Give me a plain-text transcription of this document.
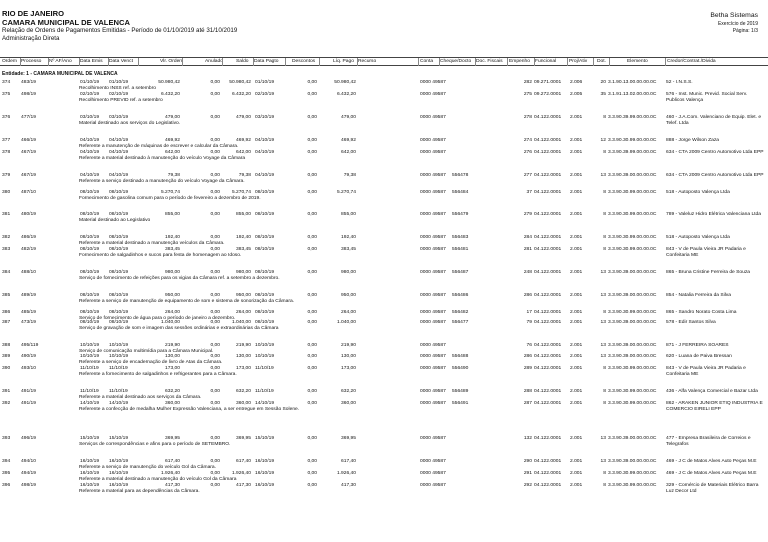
RIO DE JANEIRO
CAMARA MUNICIPAL DE VALENCA
Relação de Ordens de Pagamentos Emitidas - Período de 01/10/2019 até 31/10/2019
Administração Direta
Betha Sistemas
Exercício de 2019
Página: 1/3
Ordem Processo Nº AF/Ano Data Emis Data Venct	Vlr. Ordem	Anulado	Saldo Data Pagto	Descontos	Líq. Pago Recurso	Conta Cheque/Docto Doc. Fiscais Empenho Funcional	Proj/Ativ Dot.	Elemento	Credor/Contrat./Divida
Entidade: 1 - CAMARA MUNICIPAL DE VALENCA
374	483/19	01/10/19	01/10/19	50.980,42	0,00	50.980,42 01/10/19	0,00	50.980,42	0000 49587	282 09.271.0001	2.006	20 3.1.90.13.00.00.00.0C	52 - I.N.S.S.
Recolhimento INSS ref. a setembro
375	498/19	02/10/19	02/10/19	6.432,20	0,00	6.432,20 02/10/19	0,00	6.432,20	0000 49587	275 09.272.0001	2.005	35 3.1.91.13.02.00.00.0C	576 - Inst. Munic. Previd. Social Serv. Publicos Valença
Recolhimento PREVID ref. a setembro
376	477/19	03/10/19	03/10/19	479,00	0,00	479,00 03/10/19	0,00	479,00	0000 49587	278 04.122.0001	2.001	8 3.3.90.39.99.00.00.0C	460 - J.A.Com. Valenciano de Equip. Elet. e Telef. Ltda
Material destinado aos serviços do Legislativo.
377	466/19	04/10/19	04/10/19	469,92	0,00	469,92 04/10/19	0,00	469,92	0000 49587	274 04.122.0001	2.001	12 3.3.90.30.99.00.00.0C	888 - Jorge Wilson Zaza
Referente a manutenção de máquinas de escrever e calcular da Câmara.
378	467/19	04/10/19	04/10/19	642,00	0,00	642,00 04/10/19	0,00	642,00	0000 49587	276 04.122.0001	2.001	8 3.3.90.39.99.00.00.0C	634 - CTA 2009 Centro Automotivo Ltda EPP
Referente a material destinado à manutenção do veículo Voyage da Câmara
379	467/19	04/10/19	04/10/19	79,38	0,00	79,38 04/10/19	0,00	79,38	0000 49587	556478	277 04.122.0001	2.001	13 3.3.90.39.00.00.00.0C	634 - CTA 2009 Centro Automotivo Ltda EPP
Referente a serviço destinado a manutenção do veículo Voyage da Câmara.
380	487/10	08/10/19	08/10/19	5.270,74	0,00	5.270,74 08/10/19	0,00	5.270,74	0000 49587	556484	37 04.122.0001	2.001	8 3.3.90.30.99.00.00.0C	518 - Autoposto Valença Ltda
Fornecimento de gasolina comum para o período de fevereiro a dezembro de 2019.
381	480/19	08/10/19	08/10/19	855,00	0,00	855,00 08/10/19	0,00	855,00	0000 49587	556479	279 04.122.0001	2.001	8 3.3.90.30.99.00.00.0C	789 - Valeluz Hidro Elétrica Valenciana Ltda
Material destinado ao Legislativo
382	486/19	08/10/19	08/10/19	192,40	0,00	192,40 08/10/19	0,00	192,40	0000 49587	556483	284 04.122.0001	2.001	8 3.3.90.30.99.00.00.0C	518 - Autoposto Valença Ltda
Referente a material destinado a manutenção veículos da Câmara.
383	482/19	08/10/19	08/10/19	383,45	0,00	383,45 08/10/19	0,00	383,45	0000 49587	556481	281 04.122.0001	2.001	8 3.3.90.30.99.00.00.0C	843 - V de Paula Vieira JR Padaria e Confeitaria ME
Fornecimento de salgadinhos e sucos para festa de homenagem ao Idoso.
384	488/10	08/10/19	08/10/19	980,00	0,00	980,00 08/10/19	0,00	980,00	0000 49587	556487	248 04.122.0001	2.001	13 3.3.90.39.00.00.00.0C	865 - Bruna Cristine Ferreira de Souza
Serviço de fornecimento de refeições para os vigias da Câmara ref. a setembro a dezembro.
385	489/19	08/10/19	08/10/19	950,00	0,00	950,00 08/10/19	0,00	950,00	0000 49587	556486	286 04.122.0001	2.001	13 3.3.90.39.00.00.00.0C	854 - Natalia Ferreira da Silva
Referente a serviço de manutenção de equipamento de som e sistema de sonorização da Câmara.
386	485/19	08/10/19	08/10/19	264,00	0,00	264,00 08/10/19	0,00	264,00	0000 49587	556482	17 04.122.0001	2.001	8 3.3.90.30.99.00.00.0C	865 - Sandro Norato Costa Lima
Serviço de fornecimento de água para o período de janeiro a dezembro.
387	473/19	08/10/19	08/10/19	1.040,00	0,00	1.040,00 08/10/19	0,00	1.040,00	0000 49587	556477	79 04.122.0001	2.001	13 3.3.90.39.00.00.00.0C	578 - Edir Santos Silva
Serviço de gravação de som e imagem das sessões ordinárias e extraordinárias da Câmara
388	495/119	10/10/19	10/10/19	219,90	0,00	219,90 10/10/19	0,00	219,90	0000 49587	76 04.122.0001	2.001	13 3.3.90.39.00.00.00.0C	871 - J FERREIRA SOARES
Serviço de comunicação multimídia para a Câmara Municipal.
389	490/19	10/10/19	10/10/19	130,00	0,00	130,00 10/10/19	0,00	130,00	0000 49587	556488	286 04.122.0001	2.001	13 3.3.90.39.00.00.00.0C	620 - Luana de Paiva Bressan
Referente a serviço de encadernação de livro de Atas da Câmara.
390	493/10	11/10/19	11/10/19	173,00	0,00	173,00 11/10/19	0,00	173,00	0000 49587	556490	289 04.122.0001	2.001	8 3.3.90.30.99.00.00.0C	843 - V de Paula Vieira JR Padaria e Confeitaria ME
Referente a fornecimento de salgadinhos e refrigerantes para a Câmara.
391	491/19	11/10/19	11/10/19	632,20	0,00	632,20 11/10/19	0,00	632,20	0000 49587	556489	288 04.122.0001	2.001	8 3.3.90.30.99.00.00.0C	436 - Alfa Valença Comercial e Bazar Ltda
Referente a material destinado aos serviços da Câmara.
392	491/19	14/10/19	14/10/19	360,00	0,00	360,00 14/10/19	0,00	360,00	0000 49587	556491	287 04.122.0001	2.001	8 3.3.90.30.99.00.00.0C	862 - ARAKEN JUNIOR ETIQ INDUSTRIA E COMERCIO EIRELI EPP
Referente a confecção de medalha Mulher Expressão Valenciana, a ser entregue em Sessão Solene.
393	496/19	15/10/19	15/10/19	369,95	0,00	369,95 15/10/19	0,00	369,95	0000 49587	132 04.122.0001	2.001	13 3.3.90.39.00.00.00.0C	477 - Empresa Brasileira de Correios e Telegrafos
Serviços de correspondências e afins para o período de SETEMBRO.
394	494/10	16/10/19	16/10/19	617,40	0,00	617,40 16/10/19	0,00	617,40	0000 49587	290 04.122.0001	2.001	13 3.3.90.39.00.00.00.0C	469 - J C de Matos Alves Auto Peças M.E
Referente a serviço de manutenção do veículo Gol da Câmara.
395	494/19	16/10/19	16/10/19	1.926,40	0,00	1.926,40 16/10/19	0,00	1.926,40	0000 49587	291 04.122.0001	2.001	8 3.3.90.30.99.00.00.0C	469 - J C de Matos Alves Auto Peças M.E
Referente a material destinado a manutenção do veículo Gol da Câmara
396	498/19	16/10/19	16/10/19	417,30	0,00	417,30 16/10/19	0,00	417,30	0000 49587	292 04.122.0001	2.001	8 3.3.90.30.99.00.00.0C	329 - Comércio de Materiais Elétrico Barra Luz Decor Ltd
Referente a material para as dependências da Câmara.
